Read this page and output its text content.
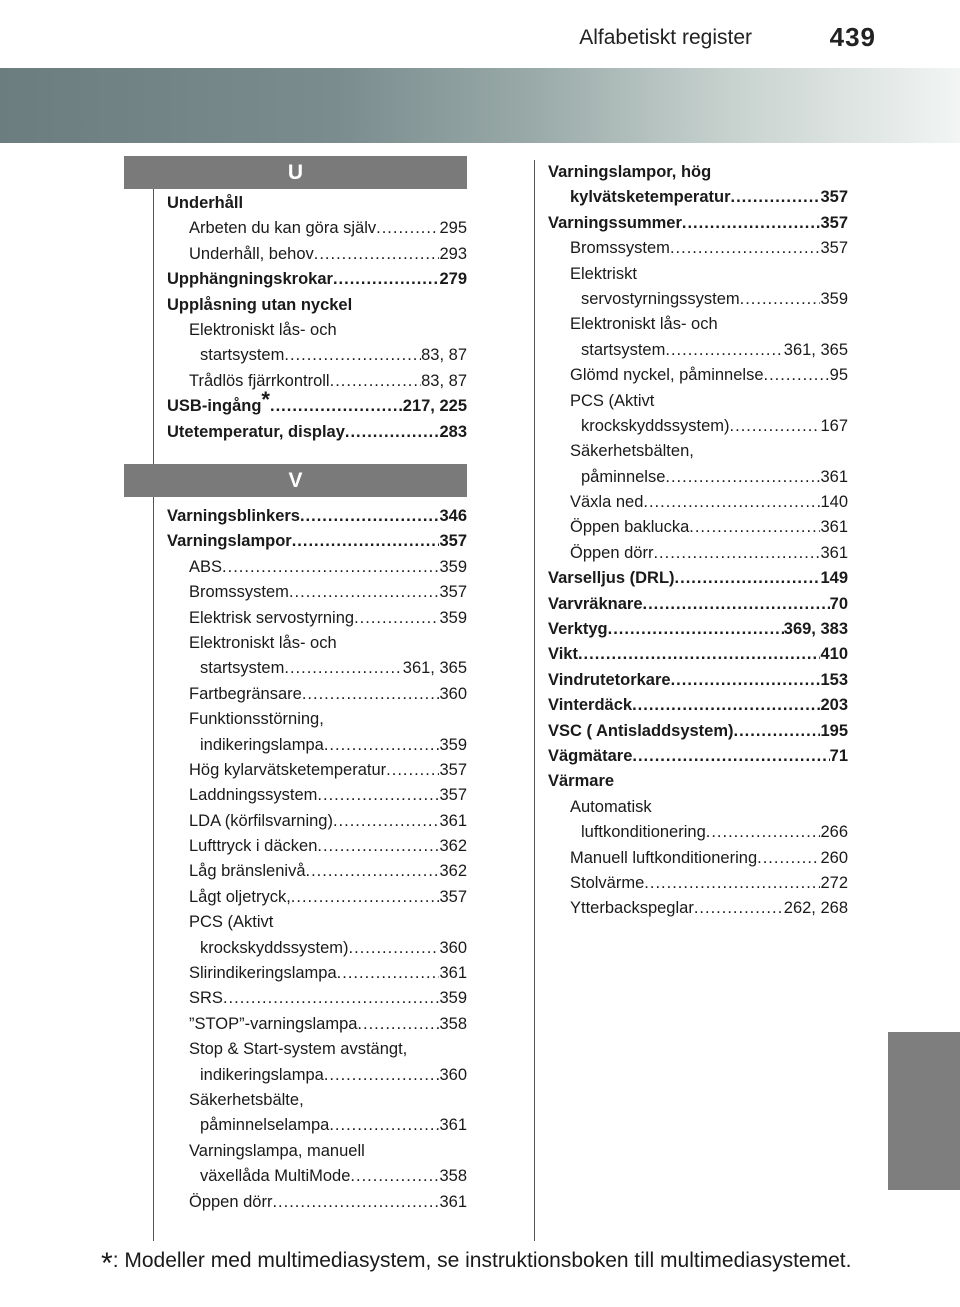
Alfabetiskt register	439
U
V
Underhåll
Arbeten du kan göra själv .....	295
Underhåll, behov .....	293
Upphängningskrokar .....	279
Upplåsning utan nyckel
Elektroniskt lås- och
startsystem .....	83, 87
Trådlös fjärrkontroll .....	83, 87
USB-ingång* .....	217, 225
Utetemperatur, display .....	283
Varningsblinkers .....	346
Varningslampor .....	357
ABS .....	359
Bromssystem .....	357
Elektrisk servostyrning .....	359
Elektroniskt lås- och
startsystem .....	361, 365
Fartbegränsare .....	360
Funktionsstörning,
indikeringslampa .....	359
Hög kylarvätsketemperatur .....	357
Laddningssystem .....	357
LDA (körfilsvarning) .....	361
Lufttryck i däcken .....	362
Låg bränslenivå .....	362
Lågt oljetryck, .....	357
PCS (Aktivt
krockskyddssystem) .....	360
Slirindikeringslampa .....	361
SRS .....	359
”STOP”-varningslampa .....	358
Stop & Start-system avstängt,
indikeringslampa .....	360
Säkerhetsbälte,
påminnelselampa .....	361
Varningslampa, manuell
växellåda MultiMode .....	358
Öppen dörr .....	361
Varningslampor, hög
kylvätsketemperatur .....	357
Varningssummer .....	357
Bromssystem .....	357
Elektriskt
servostyrningssystem .....	359
Elektroniskt lås- och
startsystem .....	361, 365
Glömd nyckel, påminnelse .....	95
PCS (Aktivt
krockskyddssystem) .....	167
Säkerhetsbälten,
påminnelse .....	361
Växla ned .....	140
Öppen baklucka .....	361
Öppen dörr .....	361
Varselljus (DRL) .....	149
Varvräknare .....	70
Verktyg .....	369, 383
Vikt .....	410
Vindrutetorkare .....	153
Vinterdäck .....	203
VSC ( Antisladdsystem) .....	195
Vägmätare .....	71
Värmare
Automatisk
luftkonditionering .....	266
Manuell luftkonditionering .....	260
Stolvärme .....	272
Ytterbackspeglar .....	262, 268
*: Modeller med multimediasystem, se instruktionsboken till multimediasystemet.
